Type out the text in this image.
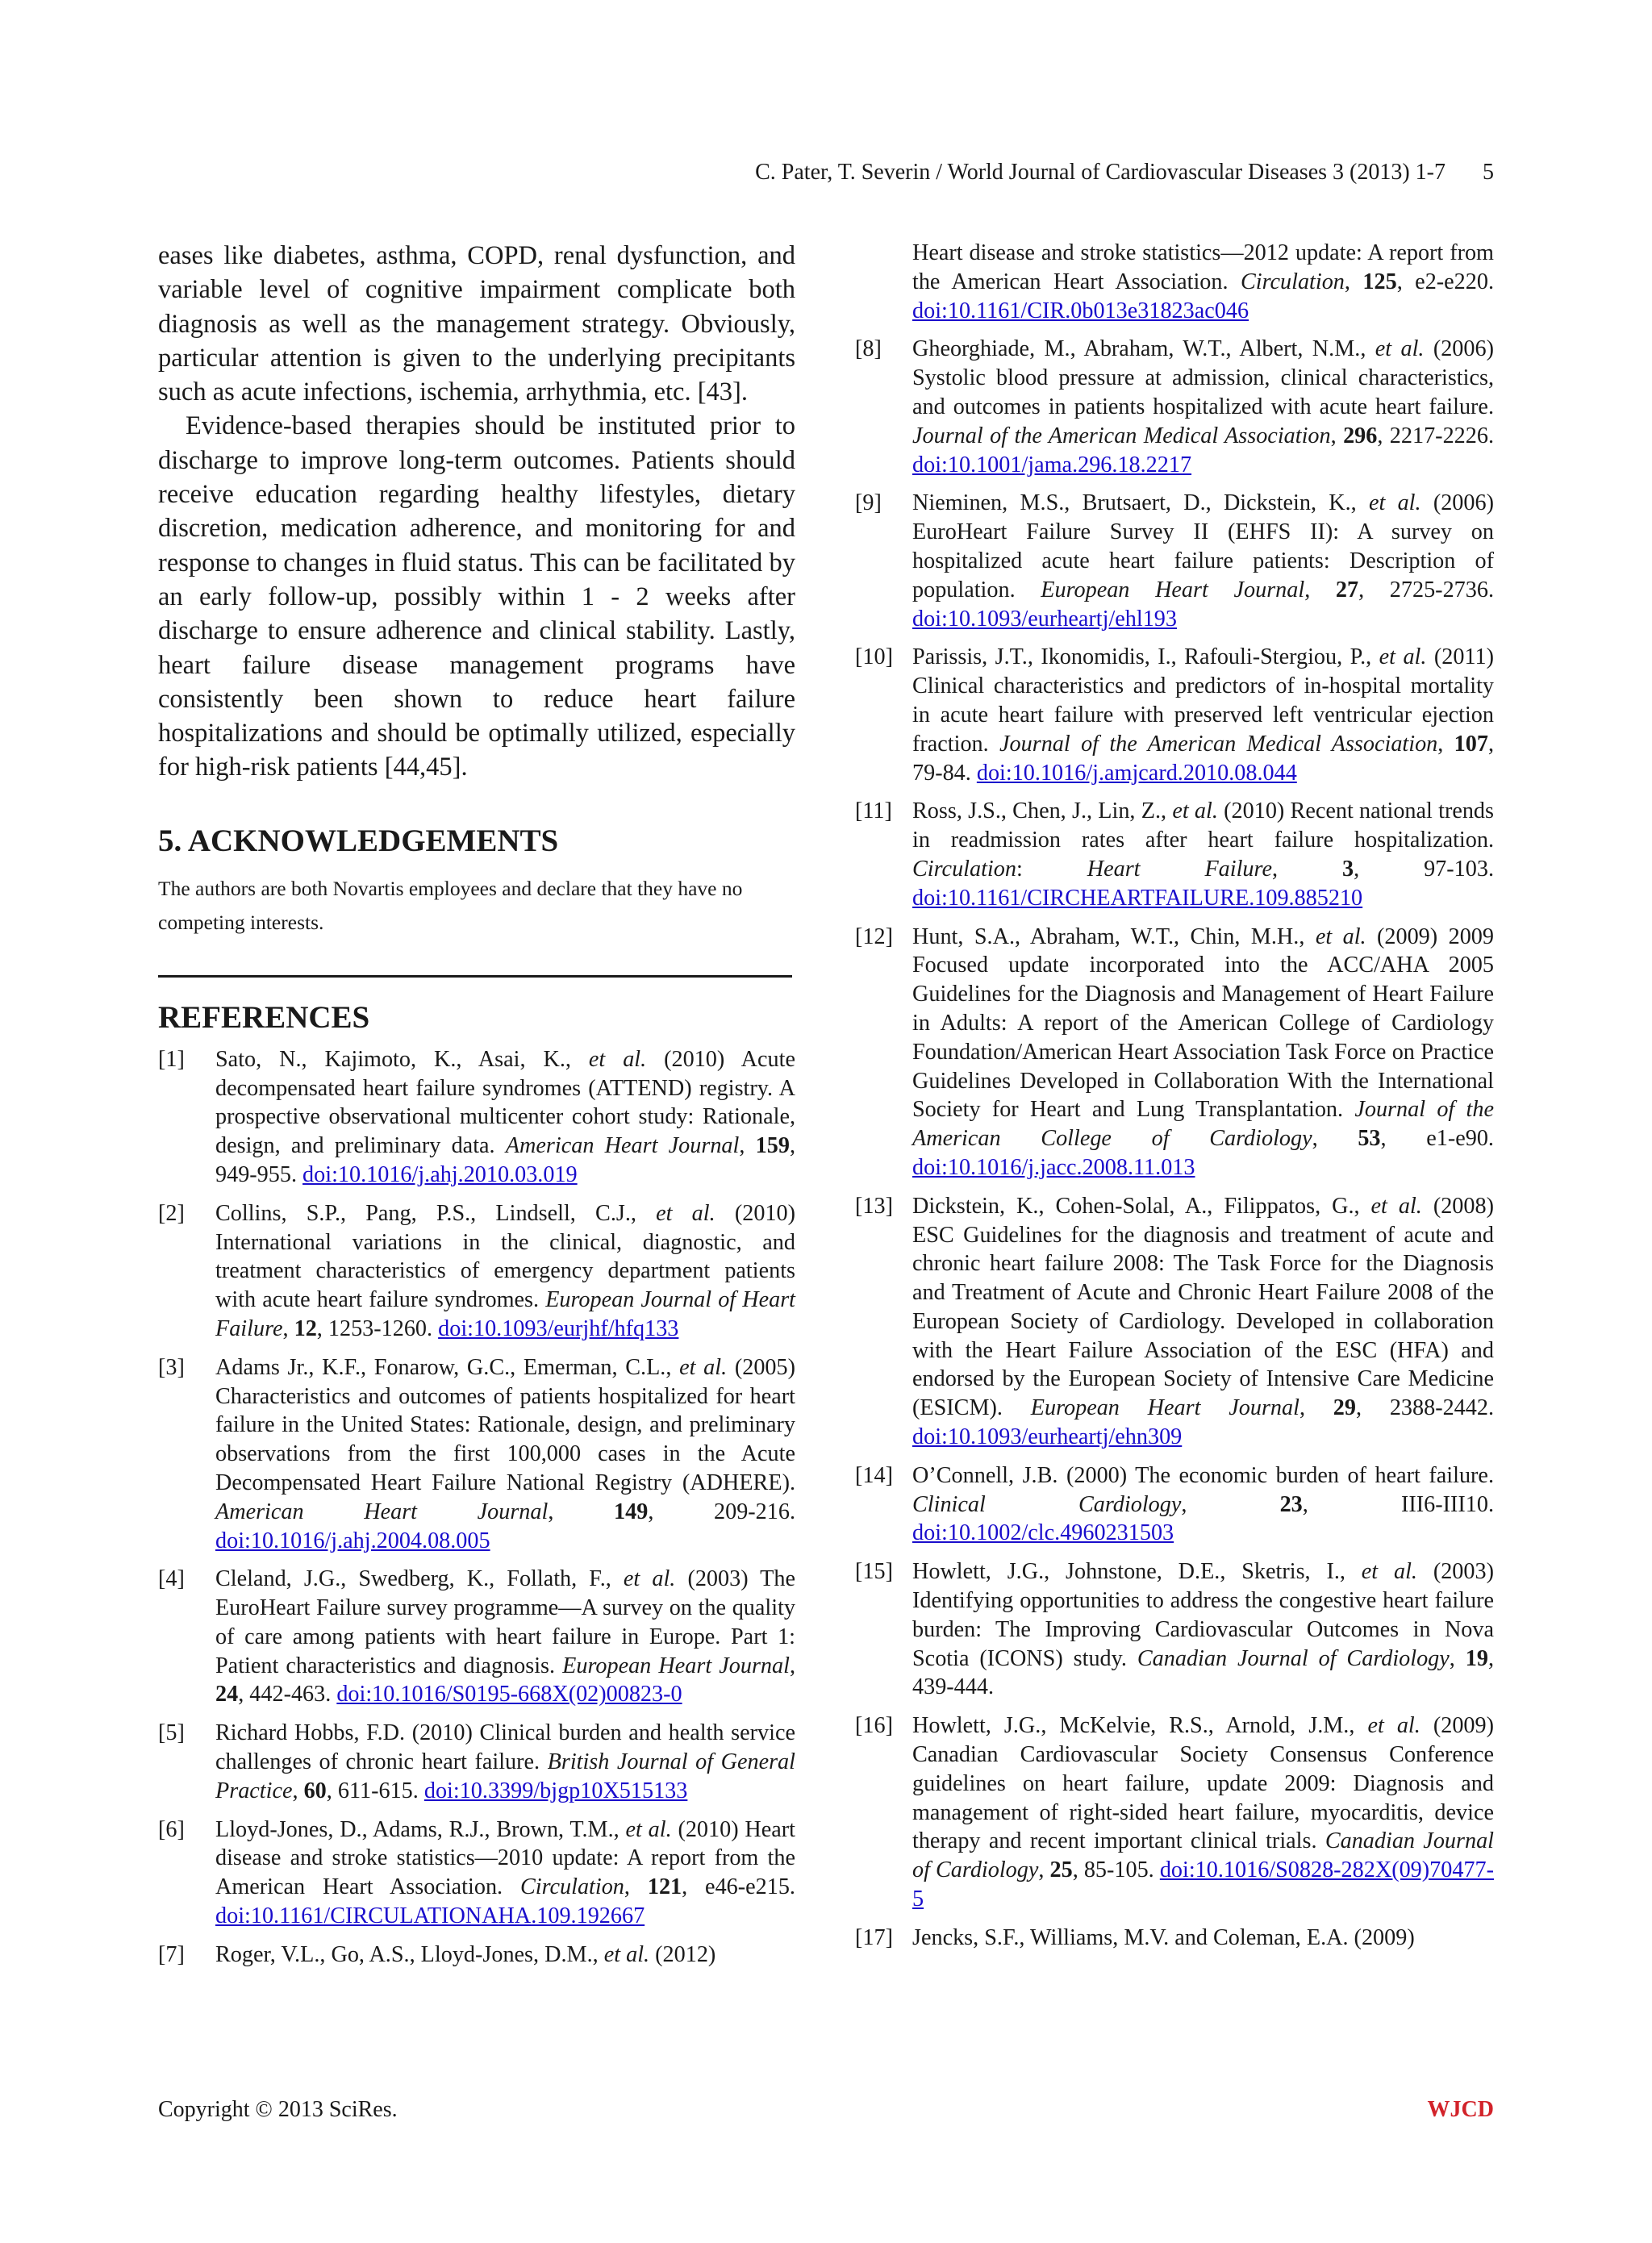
C. Pater, T. Severin / World Journal of Cardiovascular Diseases 3 (2013) 1-7 5

eases like diabetes, asthma, COPD, renal dysfunction, and variable level of cognitive impairment complicate both diagnosis as well as the management strategy. Obviously, particular attention is given to the underlying precipitants such as acute infections, ischemia, arrhythmia, etc. [43].

Evidence-based therapies should be instituted prior to discharge to improve long-term outcomes. Patients should receive education regarding healthy lifestyles, dietary discretion, medication adherence, and monitoring for and response to changes in fluid status. This can be facilitated by an early follow-up, possibly within 1 - 2 weeks after discharge to ensure adherence and clinical stability. Lastly, heart failure disease management programs have consistently been shown to reduce heart failure hospitalizations and should be optimally utilized, especially for high-risk patients [44,45].

5. ACKNOWLEDGEMENTS

The authors are both Novartis employees and declare that they have no competing interests.

REFERENCES
[1] Sato, N., Kajimoto, K., Asai, K., et al. (2010) Acute decompensated heart failure syndromes (ATTEND) registry. A prospective observational multicenter cohort study: Rationale, design, and preliminary data. American Heart Journal, 159, 949-955. doi:10.1016/j.ahj.2010.03.019
[2] Collins, S.P., Pang, P.S., Lindsell, C.J., et al. (2010) International variations in the clinical, diagnostic, and treatment characteristics of emergency department patients with acute heart failure syndromes. European Journal of Heart Failure, 12, 1253-1260. doi:10.1093/eurjhf/hfq133
[3] Adams Jr., K.F., Fonarow, G.C., Emerman, C.L., et al. (2005) Characteristics and outcomes of patients hospitalized for heart failure in the United States: Rationale, design, and preliminary observations from the first 100,000 cases in the Acute Decompensated Heart Failure National Registry (ADHERE). American Heart Journal, 149, 209-216. doi:10.1016/j.ahj.2004.08.005
[4] Cleland, J.G., Swedberg, K., Follath, F., et al. (2003) The EuroHeart Failure survey programme—A survey on the quality of care among patients with heart failure in Europe. Part 1: Patient characteristics and diagnosis. European Heart Journal, 24, 442-463. doi:10.1016/S0195-668X(02)00823-0
[5] Richard Hobbs, F.D. (2010) Clinical burden and health service challenges of chronic heart failure. British Journal of General Practice, 60, 611-615. doi:10.3399/bjgp10X515133
[6] Lloyd-Jones, D., Adams, R.J., Brown, T.M., et al. (2010) Heart disease and stroke statistics—2010 update: A report from the American Heart Association. Circulation, 121, e46-e215. doi:10.1161/CIRCULATIONAHA.109.192667
[7] Roger, V.L., Go, A.S., Lloyd-Jones, D.M., et al. (2012)
Heart disease and stroke statistics—2012 update: A report from the American Heart Association. Circulation, 125, e2-e220. doi:10.1161/CIR.0b013e31823ac046
[8] Gheorghiade, M., Abraham, W.T., Albert, N.M., et al. (2006) Systolic blood pressure at admission, clinical characteristics, and outcomes in patients hospitalized with acute heart failure. Journal of the American Medical Association, 296, 2217-2226. doi:10.1001/jama.296.18.2217
[9] Nieminen, M.S., Brutsaert, D., Dickstein, K., et al. (2006) EuroHeart Failure Survey II (EHFS II): A survey on hospitalized acute heart failure patients: Description of population. European Heart Journal, 27, 2725-2736. doi:10.1093/eurheartj/ehl193
[10] Parissis, J.T., Ikonomidis, I., Rafouli-Stergiou, P., et al. (2011) Clinical characteristics and predictors of in-hospital mortality in acute heart failure with preserved left ventricular ejection fraction. Journal of the American Medical Association, 107, 79-84. doi:10.1016/j.amjcard.2010.08.044
[11] Ross, J.S., Chen, J., Lin, Z., et al. (2010) Recent national trends in readmission rates after heart failure hospitalization. Circulation: Heart Failure, 3, 97-103. doi:10.1161/CIRCHEARTFAILURE.109.885210
[12] Hunt, S.A., Abraham, W.T., Chin, M.H., et al. (2009) 2009 Focused update incorporated into the ACC/AHA 2005 Guidelines for the Diagnosis and Management of Heart Failure in Adults: A report of the American College of Cardiology Foundation/American Heart Association Task Force on Practice Guidelines Developed in Collaboration With the International Society for Heart and Lung Transplantation. Journal of the American College of Cardiology, 53, e1-e90. doi:10.1016/j.jacc.2008.11.013
[13] Dickstein, K., Cohen-Solal, A., Filippatos, G., et al. (2008) ESC Guidelines for the diagnosis and treatment of acute and chronic heart failure 2008: The Task Force for the Diagnosis and Treatment of Acute and Chronic Heart Failure 2008 of the European Society of Cardiology. Developed in collaboration with the Heart Failure Association of the ESC (HFA) and endorsed by the European Society of Intensive Care Medicine (ESICM). European Heart Journal, 29, 2388-2442. doi:10.1093/eurheartj/ehn309
[14] O’Connell, J.B. (2000) The economic burden of heart failure. Clinical Cardiology, 23, III6-III10. doi:10.1002/clc.4960231503
[15] Howlett, J.G., Johnstone, D.E., Sketris, I., et al. (2003) Identifying opportunities to address the congestive heart failure burden: The Improving Cardiovascular Outcomes in Nova Scotia (ICONS) study. Canadian Journal of Cardiology, 19, 439-444.
[16] Howlett, J.G., McKelvie, R.S., Arnold, J.M., et al. (2009) Canadian Cardiovascular Society Consensus Conference guidelines on heart failure, update 2009: Diagnosis and management of right-sided heart failure, myocarditis, device therapy and recent important clinical trials. Canadian Journal of Cardiology, 25, 85-105. doi:10.1016/S0828-282X(09)70477-5
[17] Jencks, S.F., Williams, M.V. and Coleman, E.A. (2009)
Copyright © 2013 SciRes.	WJCD
